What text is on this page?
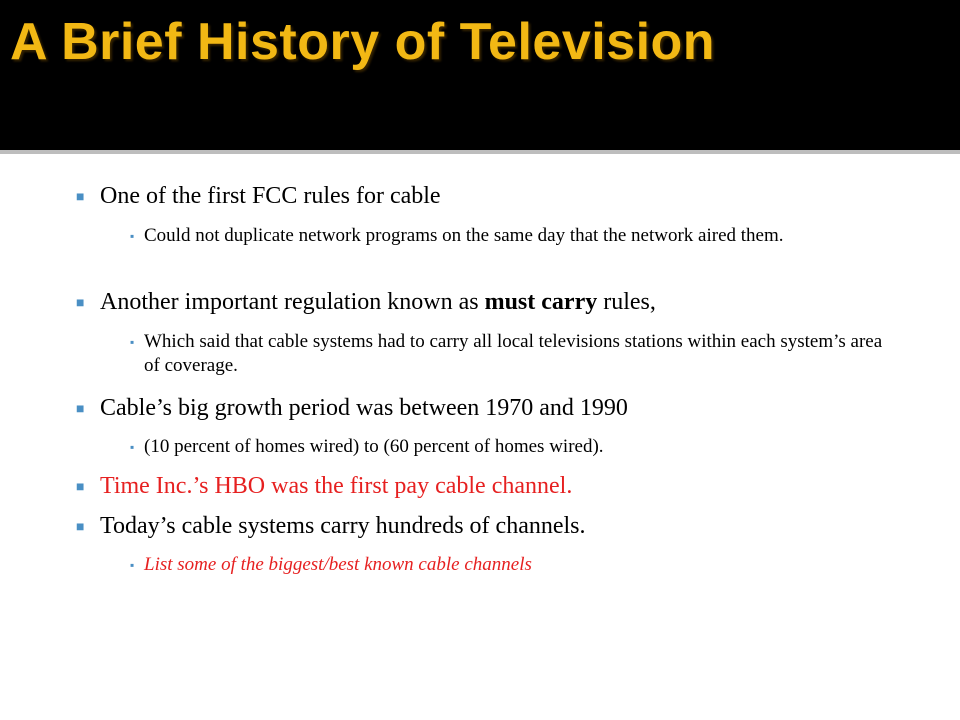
A Brief History of Television
■ One of the first FCC rules for cable
▪ Could not duplicate network programs on the same day that the network aired them.
■ Another important regulation known as must carry rules,
▪ Which said that cable systems had to carry all local televisions stations within each system’s area of coverage.
■ Cable’s big growth period was between 1970 and 1990
▪ (10 percent of homes wired) to (60 percent of homes wired).
■ Time Inc.’s HBO was the first pay cable channel.
■ Today’s cable systems carry hundreds of channels.
▪ List some of the biggest/best known cable channels
